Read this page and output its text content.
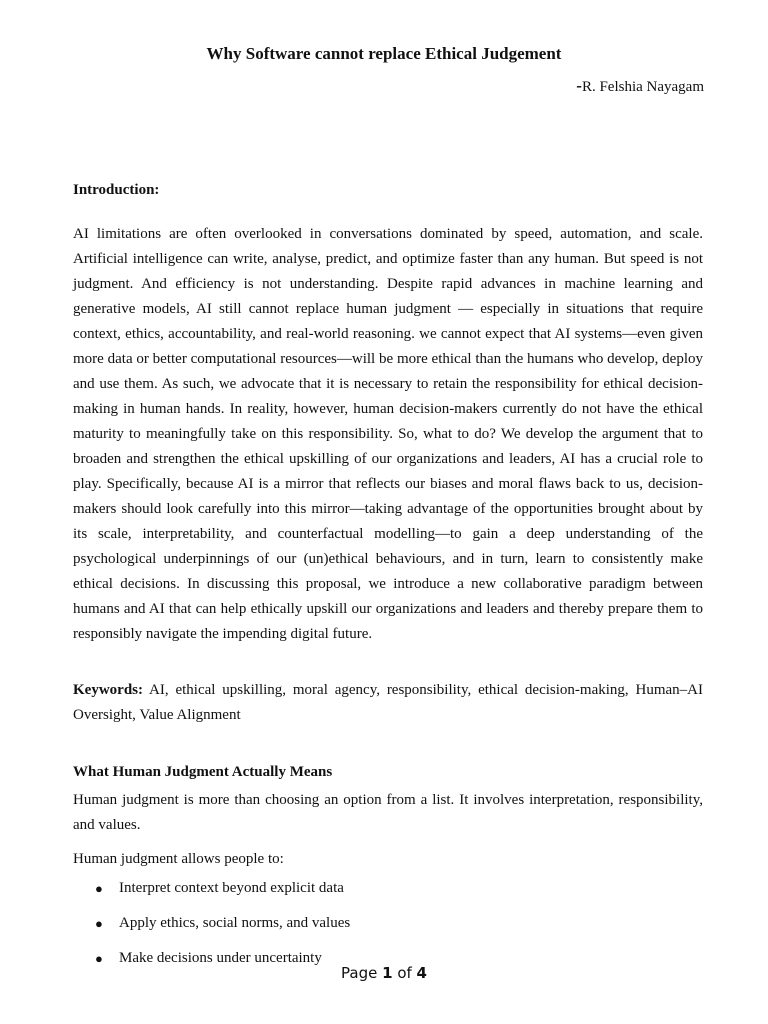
Why Software cannot replace Ethical Judgement
-R. Felshia Nayagam
Introduction:
AI limitations are often overlooked in conversations dominated by speed, automation, and scale. Artificial intelligence can write, analyse, predict, and optimize faster than any human. But speed is not judgment. And efficiency is not understanding. Despite rapid advances in machine learning and generative models, AI still cannot replace human judgment — especially in situations that require context, ethics, accountability, and real-world reasoning. we cannot expect that AI systems—even given more data or better computational resources—will be more ethical than the humans who develop, deploy and use them. As such, we advocate that it is necessary to retain the responsibility for ethical decision-making in human hands. In reality, however, human decision-makers currently do not have the ethical maturity to meaningfully take on this responsibility. So, what to do? We develop the argument that to broaden and strengthen the ethical upskilling of our organizations and leaders, AI has a crucial role to play. Specifically, because AI is a mirror that reflects our biases and moral flaws back to us, decision-makers should look carefully into this mirror—taking advantage of the opportunities brought about by its scale, interpretability, and counterfactual modelling—to gain a deep understanding of the psychological underpinnings of our (un)ethical behaviours, and in turn, learn to consistently make ethical decisions. In discussing this proposal, we introduce a new collaborative paradigm between humans and AI that can help ethically upskill our organizations and leaders and thereby prepare them to responsibly navigate the impending digital future.
Keywords: AI, ethical upskilling, moral agency, responsibility, ethical decision-making, Human–AI Oversight, Value Alignment
What Human Judgment Actually Means
Human judgment is more than choosing an option from a list. It involves interpretation, responsibility, and values.
Human judgment allows people to:
● Interpret context beyond explicit data
● Apply ethics, social norms, and values
● Make decisions under uncertainty
Page 1 of 4
